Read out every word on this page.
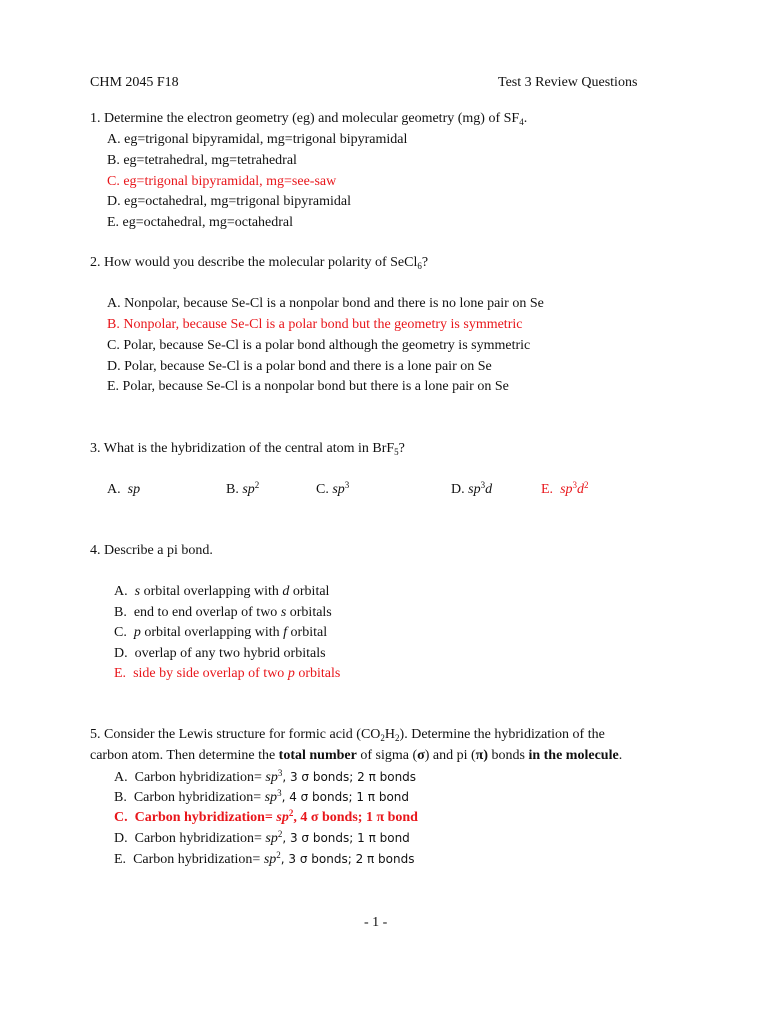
CHM 2045 F18	Test 3 Review Questions
1. Determine the electron geometry (eg) and molecular geometry (mg) of $SF_4$.
A. eg=trigonal bipyramidal, mg=trigonal bipyramidal
B. eg=tetrahedral, mg=tetrahedral
C. eg=trigonal bipyramidal, mg=see-saw
D. eg=octahedral, mg=trigonal bipyramidal
E. eg=octahedral, mg=octahedral
2. How would you describe the molecular polarity of SeCl$_6$?
A. Nonpolar, because Se-Cl is a nonpolar bond and there is no lone pair on Se
B. Nonpolar, because Se-Cl is a polar bond but the geometry is symmetric
C. Polar, because Se-Cl is a polar bond although the geometry is symmetric
D. Polar, because Se-Cl is a polar bond and there is a lone pair on Se
E. Polar, because Se-Cl is a nonpolar bond but there is a lone pair on Se
3. What is the hybridization of the central atom in BrF$_5$?
A. sp	B. $sp^2$	C. $sp^3$	D. $sp^3d$	E. $sp^3d^2$
4. Describe a pi bond.
A.  s orbital overlapping with d orbital
B.  end to end overlap of two s orbitals
C.  p orbital overlapping with f orbital
D.  overlap of any two hybrid orbitals
E.  side by side overlap of two p orbitals
5. Consider the Lewis structure for formic acid $(CO_2H_2)$. Determine the hybridization of the
carbon atom. Then determine the total number of sigma (σ) and pi (π) bonds in the molecule.
A.  Carbon hybridization= $sp^3$, 3 σ bonds; 2 π bonds
B.  Carbon hybridization= $sp^3$, 4 σ bonds; 1 π bond
C.  Carbon hybridization= $sp^2$, 4 σ bonds; 1 π bond
D.  Carbon hybridization= $sp^2$, 3 σ bonds; 1 π bond
E.  Carbon hybridization= $sp^2$, 3 σ bonds; 2 π bonds
- 1 -
